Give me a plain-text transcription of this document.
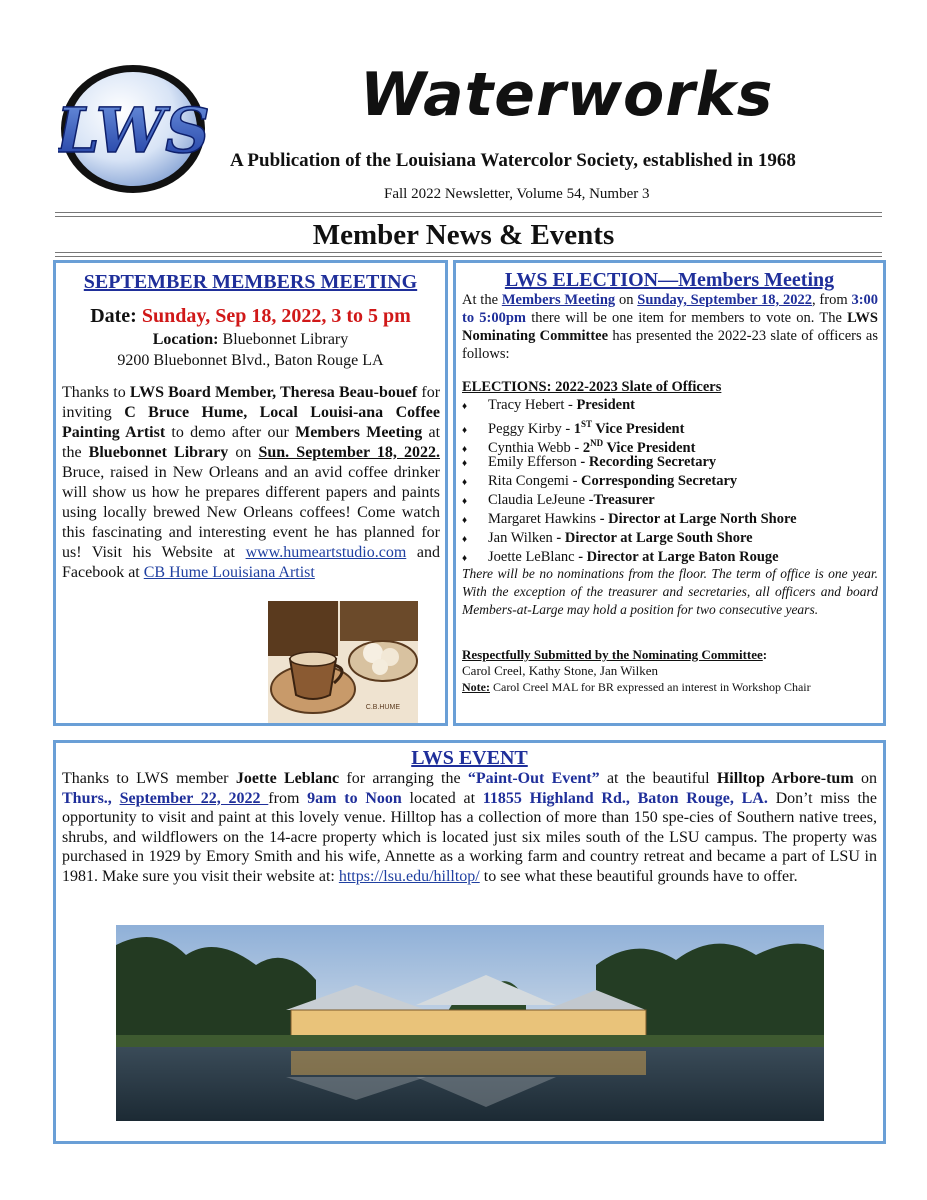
LWS	Waterworks
A Publication of the Louisiana Watercolor Society, established in 1968
Fall 2022 Newsletter, Volume 54, Number 3
Member News & Events
SEPTEMBER MEMBERS MEETING
Date: Sunday, Sep 18, 2022, 3 to 5 pm
Location: Bluebonnet Library
9200 Bluebonnet Blvd., Baton Rouge LA
Thanks to LWS Board Member, Theresa Beau-bouef for inviting C Bruce Hume, Local Louisi-ana Coffee Painting Artist to demo after our Members Meeting at the Bluebonnet Library on Sun. September 18, 2022. Bruce, raised in New Orleans and an avid coffee drinker will show us how he prepares different papers and paints using locally brewed New Orleans coffees! Come watch this fascinating and interesting event he has planned for us! Visit his Website at www.humeartstudio.com and Facebook at CB Hume Louisiana Artist
C.B.HUME
LWS ELECTION—Members Meeting
At the Members Meeting on Sunday, September 18, 2022, from 3:00 to 5:00pm there will be one item for members to vote on. The LWS Nominating Committee has presented the 2022-23 slate of officers as follows:
ELECTIONS: 2022-2023 Slate of Officers
♦ Tracy Hebert - President
♦ Peggy Kirby - 1ST Vice President
♦ Cynthia Webb - 2ND Vice President
♦ Emily Efferson - Recording Secretary
♦ Rita Congemi - Corresponding Secretary
♦ Claudia LeJeune -Treasurer
♦ Margaret Hawkins - Director at Large North Shore
♦ Jan Wilken - Director at Large South Shore
♦ Joette LeBlanc - Director at Large Baton Rouge
There will be no nominations from the floor. The term of office is one year. With the exception of the treasurer and secretaries, all officers and board Members-at-Large may hold a position for two consecutive years.
Respectfully Submitted by the Nominating Committee:
Carol Creel, Kathy Stone, Jan Wilken
Note: Carol Creel MAL for BR expressed an interest in Workshop Chair
LWS EVENT
Thanks to LWS member Joette Leblanc for arranging the “Paint-Out Event” at the beautiful Hilltop Arbore-tum on Thurs., September 22, 2022 from 9am to Noon located at 11855 Highland Rd., Baton Rouge, LA. Don’t miss the opportunity to visit and paint at this lovely venue. Hilltop has a collection of more than 150 spe-cies of Southern native trees, shrubs, and wildflowers on the 14-acre property which is located just six miles south of the LSU campus. The property was purchased in 1929 by Emory Smith and his wife, Annette as a working farm and country retreat and became a part of LSU in 1981. Make sure you visit their website at: https://lsu.edu/hilltop/ to see what these beautiful grounds have to offer.
